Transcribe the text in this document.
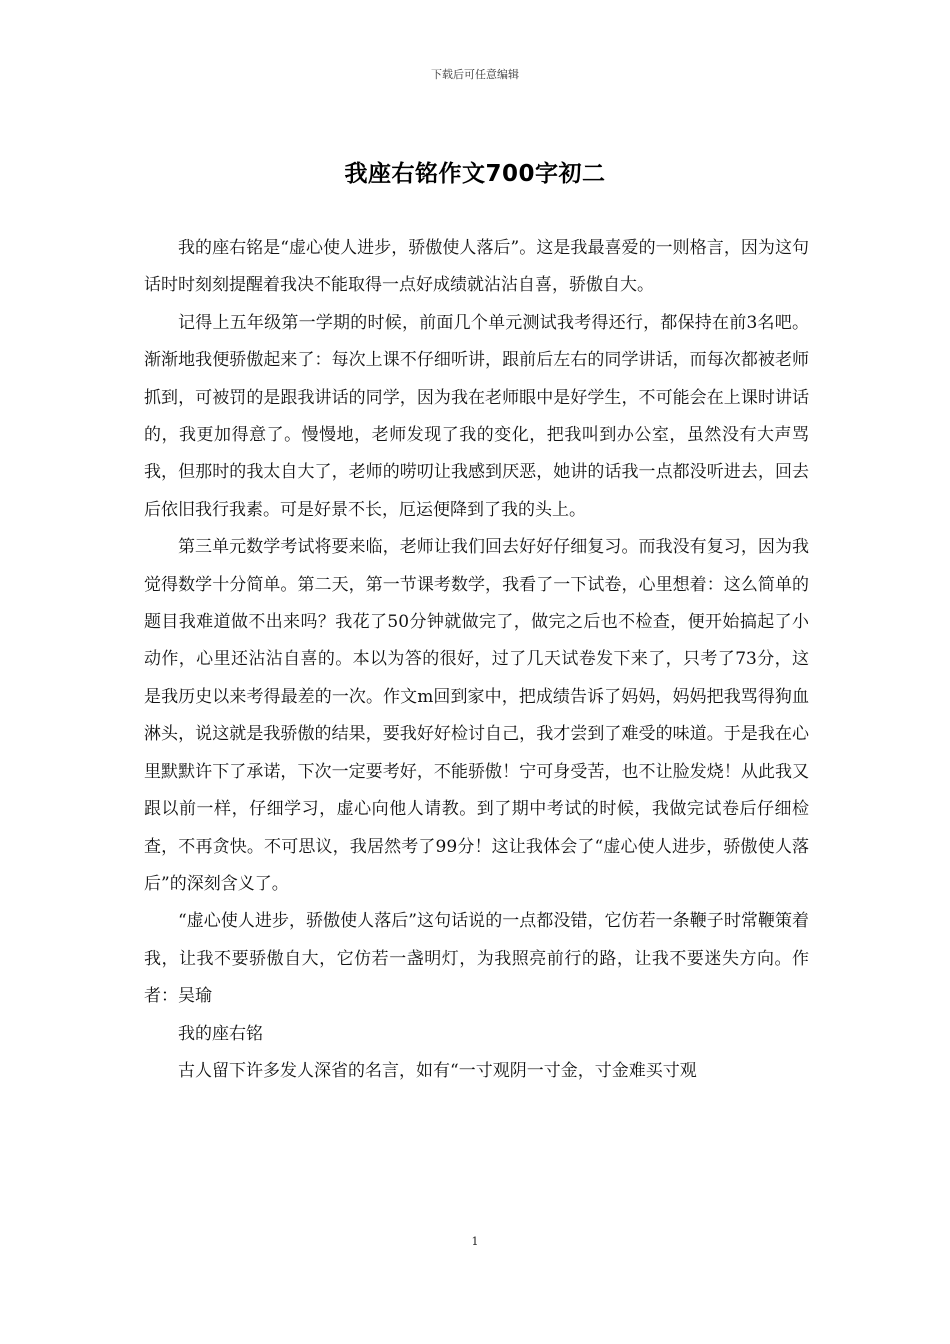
下载后可任意编辑
我座右铭作文700字初二

我的座右铭是“虚心使人进步，骄傲使人落后”。这是我最喜爱的一则格言，因为这句话时时刻刻提醒着我决不能取得一点好成绩就沾沾自喜，骄傲自大。

记得上五年级第一学期的时候，前面几个单元测试我考得还行，都保持在前3名吧。渐渐地我便骄傲起来了：每次上课不仔细听讲，跟前后左右的同学讲话，而每次都被老师抓到，可被罚的是跟我讲话的同学，因为我在老师眼中是好学生，不可能会在上课时讲话的，我更加得意了。慢慢地，老师发现了我的变化，把我叫到办公室，虽然没有大声骂我，但那时的我太自大了，老师的唠叨让我感到厌恶，她讲的话我一点都没听进去，回去后依旧我行我素。可是好景不长，厄运便降到了我的头上。

第三单元数学考试将要来临，老师让我们回去好好仔细复习。而我没有复习，因为我觉得数学十分简单。第二天，第一节课考数学，我看了一下试卷，心里想着：这么简单的题目我难道做不出来吗？我花了50分钟就做完了，做完之后也不检查，便开始搞起了小动作，心里还沾沾自喜的。本以为答的很好，过了几天试卷发下来了，只考了73分，这是我历史以来考得最差的一次。作文m回到家中，把成绩告诉了妈妈，妈妈把我骂得狗血淋头，说这就是我骄傲的结果，要我好好检讨自己，我才尝到了难受的味道。于是我在心里默默许下了承诺，下次一定要考好，不能骄傲！宁可身受苦，也不让脸发烧！从此我又跟以前一样，仔细学习，虚心向他人请教。到了期中考试的时候，我做完试卷后仔细检查，不再贪快。不可思议，我居然考了99分！这让我体会了“虚心使人进步，骄傲使人落后”的深刻含义了。

“虚心使人进步，骄傲使人落后”这句话说的一点都没错，它仿若一条鞭子时常鞭策着我，让我不要骄傲自大，它仿若一盏明灯，为我照亮前行的路，让我不要迷失方向。作者：吴瑜

我的座右铭

古人留下许多发人深省的名言，如有“一寸观阴一寸金，寸金难买寸观

1
